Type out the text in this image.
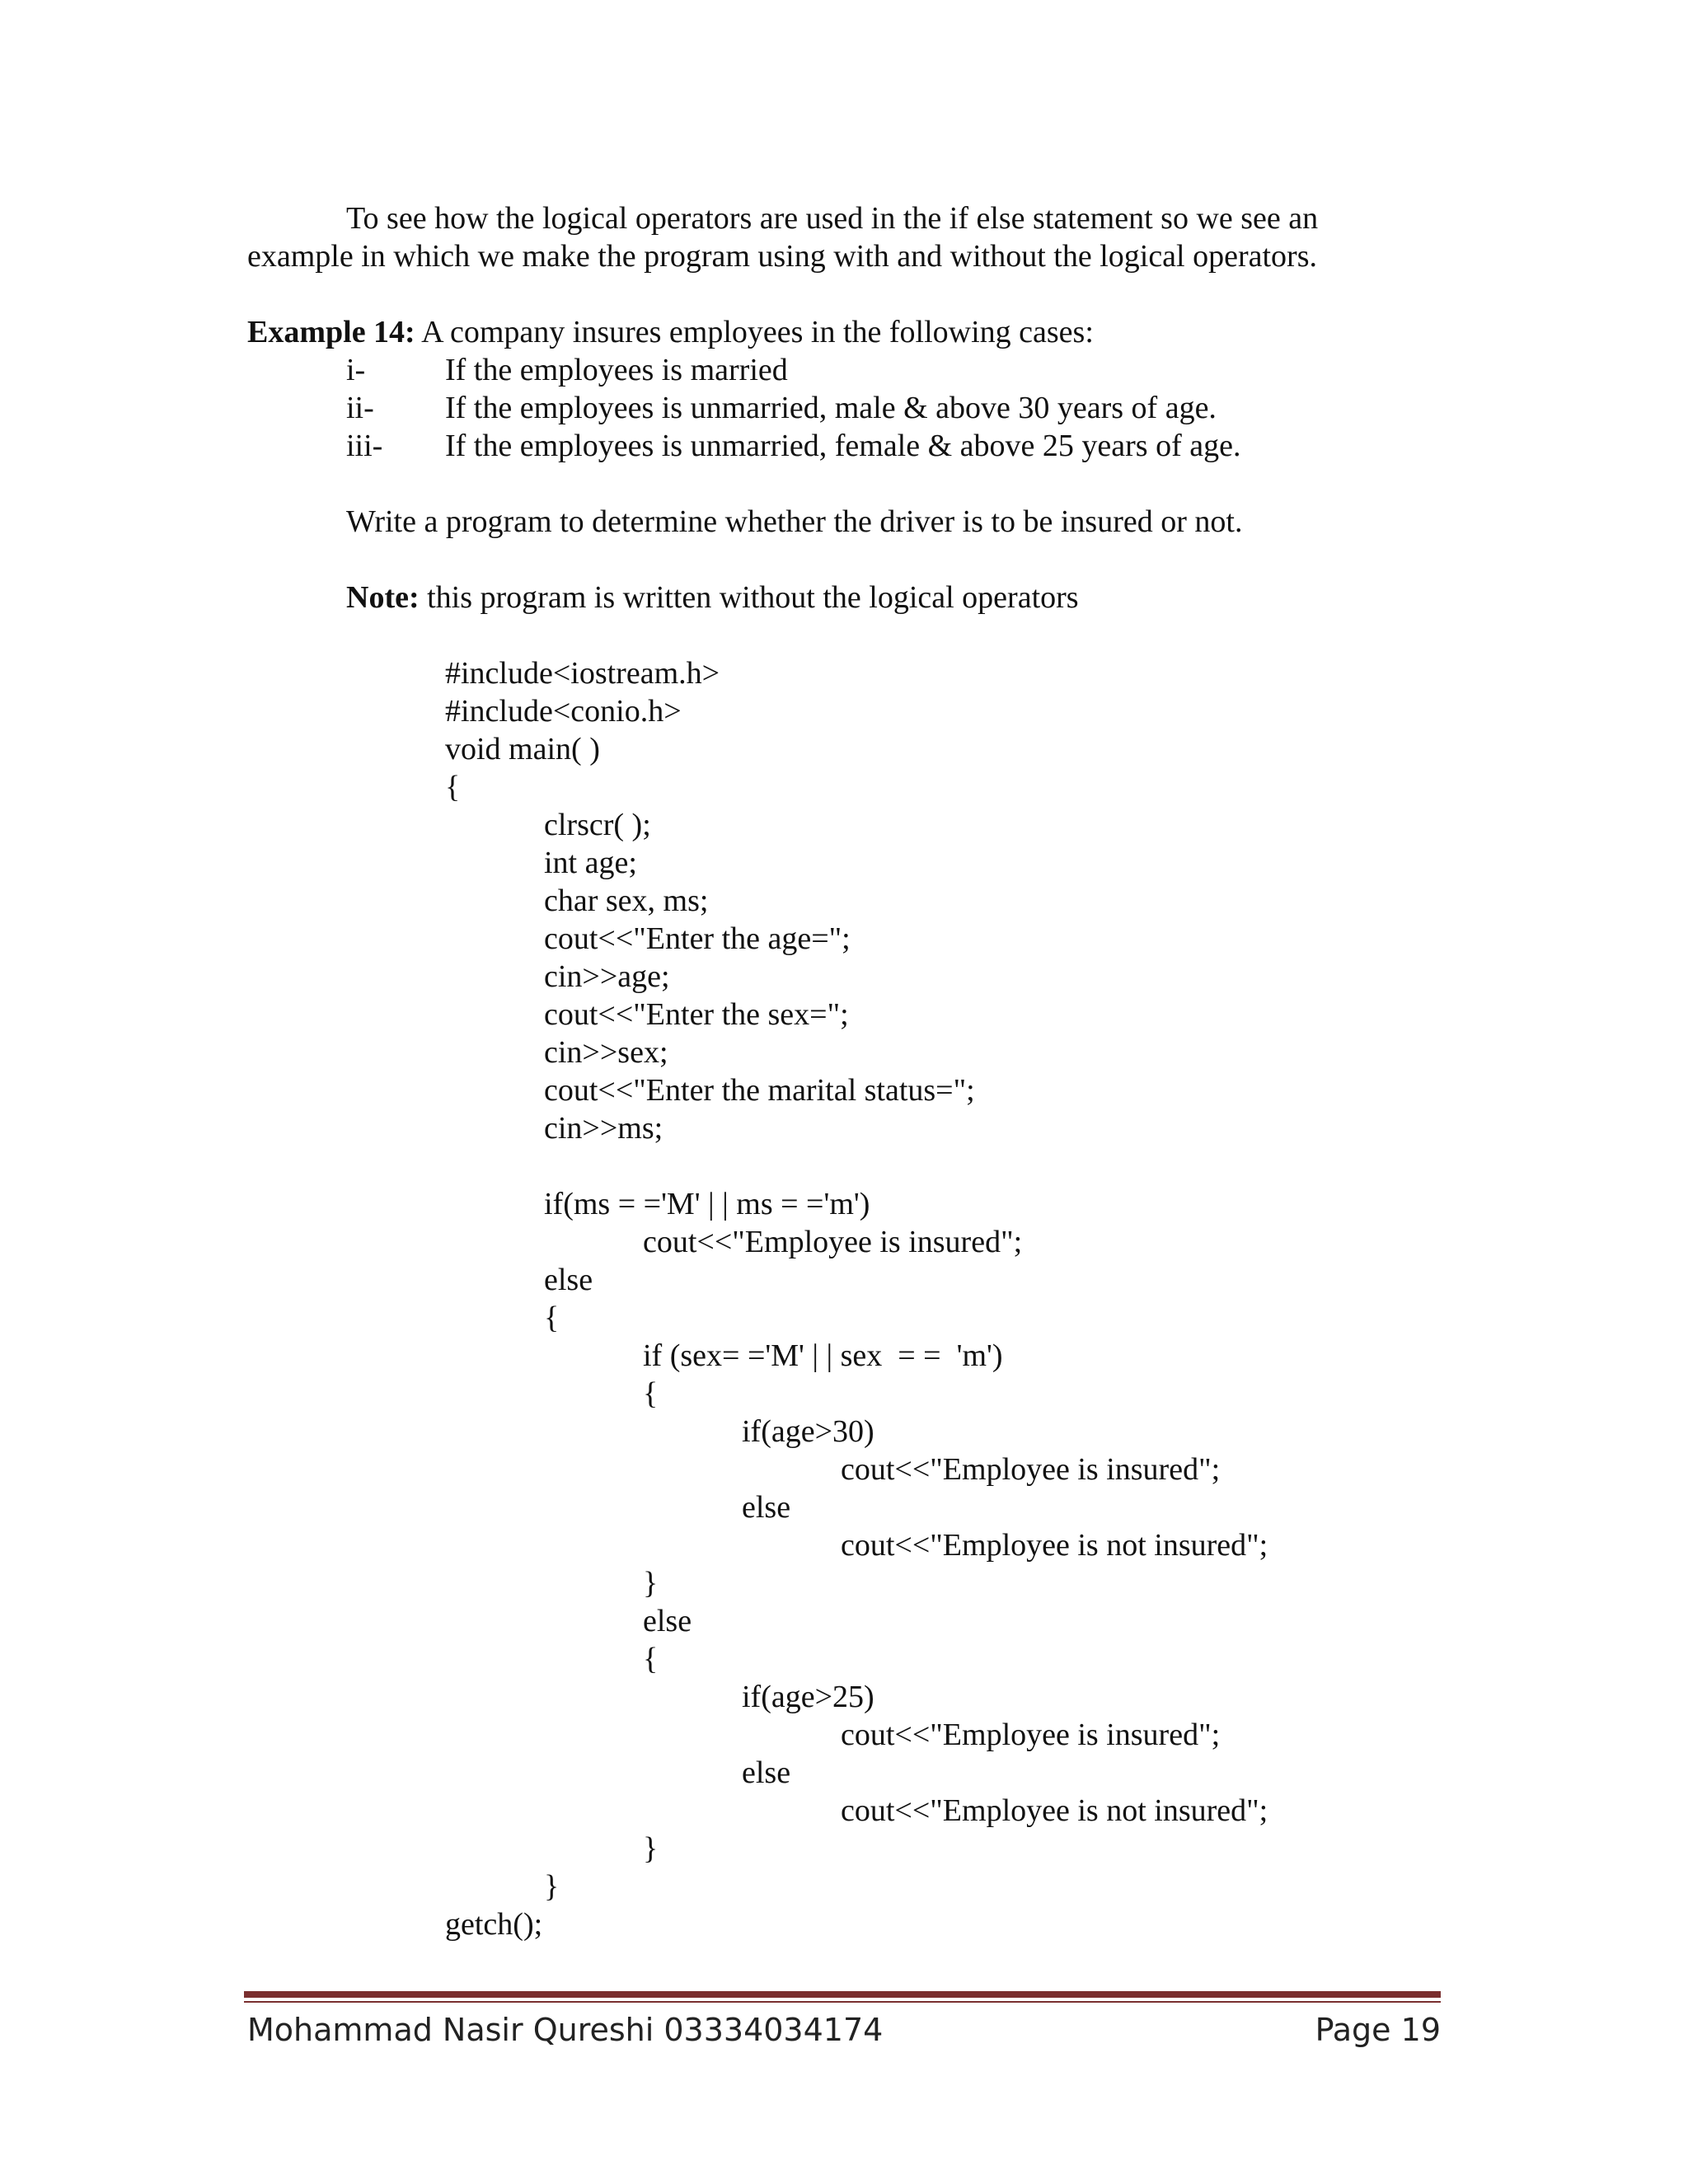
To see how the logical operators are used in the if else statement so we see an
example in which we make the program using with and without the logical operators.
Example 14: A company insures employees in the following cases:
i-	If the employees is married
ii-	If the employees is unmarried, male & above 30 years of age.
iii-	If the employees is unmarried, female & above 25 years of age.
Write a program to determine whether the driver is to be insured or not.
Note: this program is written without the logical operators
#include<iostream.h>
#include<conio.h>
void main( )
{
clrscr( );
int age;
char sex, ms;
cout<<"Enter the age=";
cin>>age;
cout<<"Enter the sex=";
cin>>sex;
cout<<"Enter the marital status=";
cin>>ms;
if(ms = ='M' | | ms = ='m')
cout<<"Employee is insured";
else
{
if (sex= ='M' | | sex  = =  'm')
{
if(age>30)
cout<<"Employee is insured";
else
cout<<"Employee is not insured";
}
else
{
if(age>25)
cout<<"Employee is insured";
else
cout<<"Employee is not insured";
}
}
getch();
Mohammad Nasir Qureshi 03334034174	Page 19
